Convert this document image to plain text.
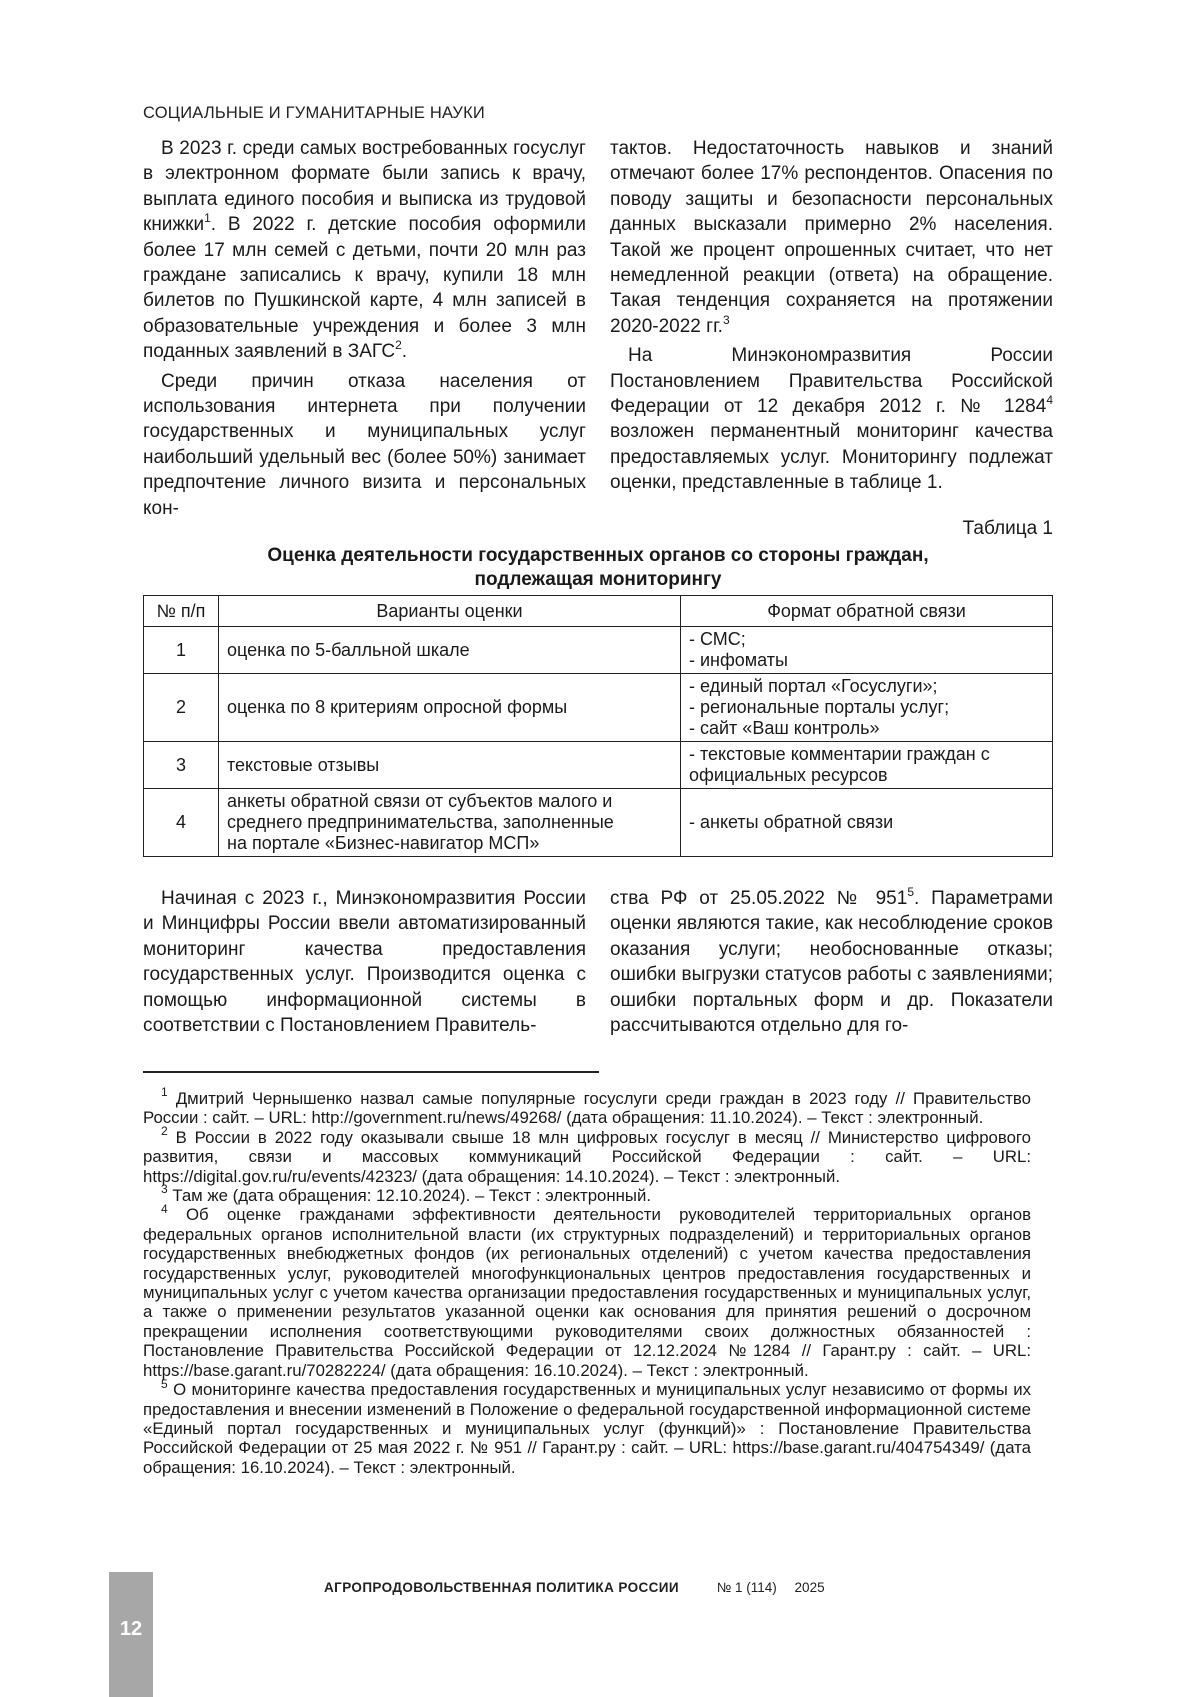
СОЦИАЛЬНЫЕ И ГУМАНИТАРНЫЕ НАУКИ

В 2023 г. среди самых востребованных госуслуг в электронном формате были запись к врачу, выплата единого пособия и выписка из трудовой книжки$^1$. В 2022 г. детские пособия оформили более 17 млн семей с детьми, почти 20 млн раз граждане записались к врачу, купили 18 млн билетов по Пушкинской карте, 4 млн записей в образовательные учреждения и более 3 млн поданных заявлений в ЗАГС$^2$.

Среди причин отказа населения от использования интернета при получении государственных и муниципальных услуг наибольший удельный вес (более 50%) занимает предпочтение личного визита и персональных кон-

тактов. Недостаточность навыков и знаний отмечают более 17% респондентов. Опасения по поводу защиты и безопасности персональных данных высказали примерно 2% населения. Такой же процент опрошенных считает, что нет немедленной реакции (ответа) на обращение. Такая тенденция сохраняется на протяжении 2020-2022 гг.$^3$

На Минэкономразвития России Постановлением Правительства Российской Федерации от 12 декабря 2012 г. № 1284$^4$ возложен перманентный мониторинг качества предоставляемых услуг. Мониторингу подлежат оценки, представленные в таблице 1.

Таблица 1
Оценка деятельности государственных органов со стороны граждан,
подлежащая мониторингу
№ п/п	Варианты оценки	Формат обратной связи
1	оценка по 5-балльной шкале	- СМС;
- инфоматы

2	оценка по 8 критериям опросной формы	- единый портал «Госуслуги»;
- региональные порталы услуг;
- сайт «Ваш контроль»

3	текстовые отзывы	- текстовые комментарии граждан с
официальных ресурсов

4	анкеты обратной связи от субъектов малого и
среднего предпринимательства, заполненные
на портале «Бизнес-навигатор МСП»	- анкеты обратной связи

Начиная с 2023 г., Минэкономразвития России и Минцифры России ввели автоматизированный мониторинг качества предоставления государственных услуг. Производится оценка с помощью информационной системы в соответствии с Постановлением Правитель-

ства РФ от 25.05.2022 № $951^5$. Параметрами оценки являются такие, как несоблюдение сроков оказания услуги; необоснованные отказы; ошибки выгрузки статусов работы с заявлениями; ошибки портальных форм и др. Показатели рассчитываются отдельно для го-

$^1$ Дмитрий Чернышенко назвал самые популярные госуслуги среди граждан в 2023 году // Правительство России : сайт. – URL: http://government.ru/news/49268/ (дата обращения: 11.10.2024). – Текст : электронный.

$^2$ В России в 2022 году оказывали свыше 18 млн цифровых госуслуг в месяц // Министерство цифрового развития, связи и массовых коммуникаций Российской Федерации : сайт. – URL: https://digital.gov.ru/ru/events/42323/ (дата обращения: 14.10.2024). – Текст : электронный.

$^3$ Там же (дата обращения: 12.10.2024). – Текст : электронный.

$^4$ Об оценке гражданами эффективности деятельности руководителей территориальных органов федеральных органов исполнительной власти (их структурных подразделений) и территориальных органов государственных внебюджетных фондов (их региональных отделений) с учетом качества предоставления государственных услуг, руководителей многофункциональных центров предоставления государственных и муниципальных услуг с учетом качества организации предоставления государственных и муниципальных услуг, а также о применении результатов указанной оценки как основания для принятия решений о досрочном прекращении исполнения соответствующими руководителями своих должностных обязанностей : Постановление Правительства Российской Федерации от 12.12.2024 №1284 // Гарант.ру : сайт. – URL: https://base.garant.ru/70282224/ (дата обращения: 16.10.2024). – Текст : электронный.

$^5$ О мониторинге качества предоставления государственных и муниципальных услуг независимо от формы их предоставления и внесении изменений в Положение о федеральной государственной информационной системе «Единый портал государственных и муниципальных услуг (функций)» : Постановление Правительства Российской Федерации от 25 мая 2022 г. № 951 // Гарант.ру : сайт. – URL: https://base.garant.ru/404754349/ (дата обращения: 16.10.2024). – Текст : электронный.

12
АГРОПРОДОВОЛЬСТВЕННАЯ ПОЛИТИКА РОССИИ	№ 1 (114) 2025
